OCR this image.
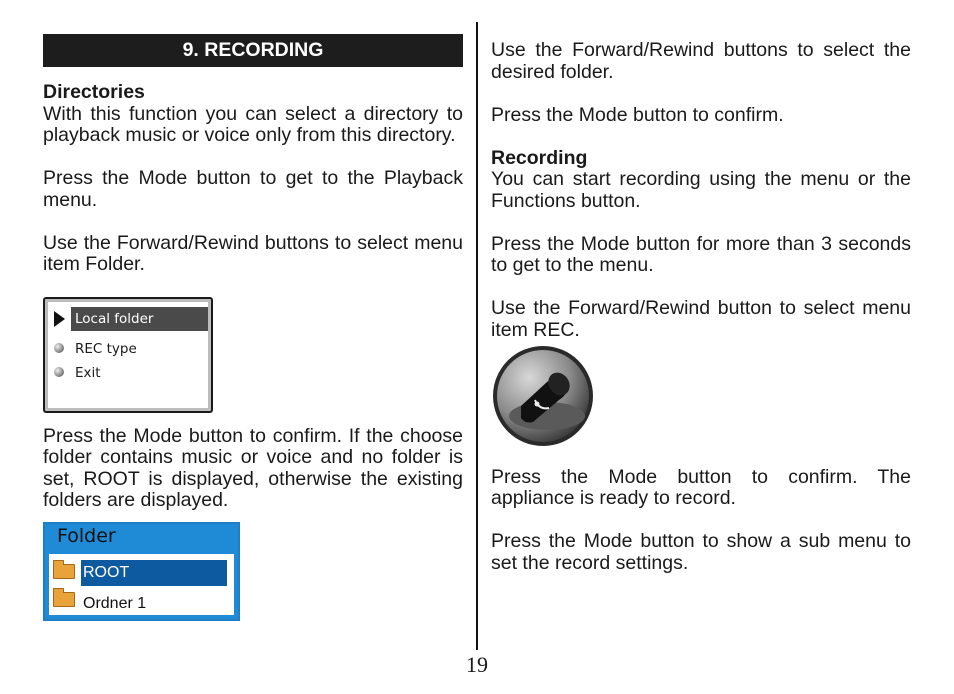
9. RECORDING
Directories

With this function you can select a directory to playback music or voice only from this directory.

Press the Mode button to get to the Playback menu.

Use the Forward/Rewind buttons to select menu item Folder.

Local folder
REC type
Exit

Press the Mode button to confirm. If the choose folder contains music or voice and no folder is set, ROOT is displayed, otherwise the existing folders are displayed.

Folder
ROOT
Ordner 1

Use the Forward/Rewind buttons to select the desired folder.

Press the Mode button to confirm.

Recording

You can start recording using the menu or the Functions button.

Press the Mode button for more than 3 seconds to get to the menu.

Use the Forward/Rewind button to select menu item REC.

Press the Mode button to confirm. The appliance is ready to record.

Press the Mode button to show a sub menu to set the record settings.

19
